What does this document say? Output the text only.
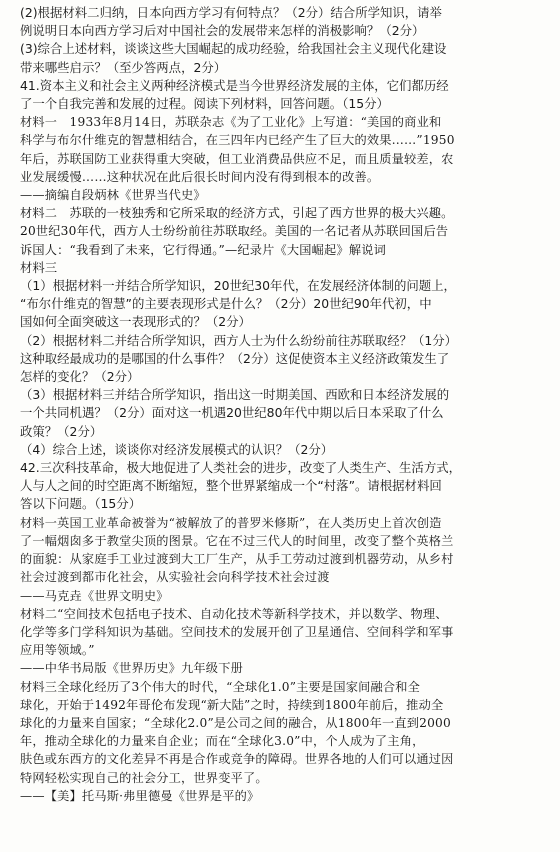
(2)根据材料二归纳，日本向西方学习有何特点？（2分）结合所学知识，请举
例说明日本向西方学习后对中国社会的发展带来怎样的消极影响？（2分）
(3)综合上述材料，谈谈这些大国崛起的成功经验，给我国社会主义现代化建设
带来哪些启示？（至少答两点，2分）
41.资本主义和社会主义两种经济模式是当今世界经济发展的主体，它们都历经
了一个自我完善和发展的过程。阅读下列材料，回答问题。（15分）
材料一　1933年8月14日，苏联杂志《为了工业化》上写道：“美国的商业和
科学与布尔什维克的智慧相结合，在三四年内已经产生了巨大的效果……”1950
年后，苏联国防工业获得重大突破，但工业消费品供应不足，而且质量较差，农
业发展缓慢……这种状况在此后很长时间内没有得到根本的改善。
——摘编自段炳林《世界当代史》
材料二　苏联的一枝独秀和它所采取的经济方式，引起了西方世界的极大兴趣。
20世纪30年代，西方人士纷纷前往苏联取经。美国的一名记者从苏联回国后告
诉国人：“我看到了未来，它行得通。”—纪录片《大国崛起》解说词
材料三
（1）根据材料一并结合所学知识，20世纪30年代，在发展经济体制的问题上，
“布尔什维克的智慧”的主要表现形式是什么？（2分）20世纪90年代初，中
国如何全面突破这一表现形式的？（2分）
（2）根据材料二并结合所学知识，西方人士为什么纷纷前往苏联取经？（1分）
这种取经最成功的是哪国的什么事件？（2分）这促使资本主义经济政策发生了
怎样的变化？（2分）
（3）根据材料三并结合所学知识，指出这一时期美国、西欧和日本经济发展的
一个共同机遇？（2分）面对这一机遇20世纪80年代中期以后日本采取了什么
政策？（2分）
（4）综合上述，谈谈你对经济发展模式的认识？（2分）
42.三次科技革命，极大地促进了人类社会的进步，改变了人类生产、生活方式，
人与人之间的时空距离不断缩短，整个世界紧缩成一个“村落”。请根据材料回
答以下问题。（15分）
材料一英国工业革命被誉为“被解放了的普罗米修斯”，在人类历史上首次创造
了一幅烟囱多于教堂尖顶的图景。它在不过三代人的时间里，改变了整个英格兰
的面貌：从家庭手工业过渡到大工厂生产，从手工劳动过渡到机器劳动，从乡村
社会过渡到都市化社会，从实验社会向科学技术社会过渡
——马克垚《世界文明史》
材料二“空间技术包括电子技术、自动化技术等新科学技术，并以数学、物理、
化学等多门学科知识为基础。空间技术的发展开创了卫星通信、空间科学和军事
应用等领域。”
——中华书局版《世界历史》九年级下册
材料三全球化经历了3个伟大的时代，“全球化1.0”主要是国家间融合和全
球化，开始于1492年哥伦布发现“新大陆”之时，持续到1800年前后，推动全
球化的力量来自国家；“全球化2.0”是公司之间的融合，从1800年一直到2000
年，推动全球化的力量来自企业；而在“全球化3.0”中，个人成为了主角，
肤色或东西方的文化差异不再是合作或竞争的障碍。世界各地的人们可以通过因
特网轻松实现自己的社会分工，世界变平了。
——【美】托马斯·弗里德曼《世界是平的》
